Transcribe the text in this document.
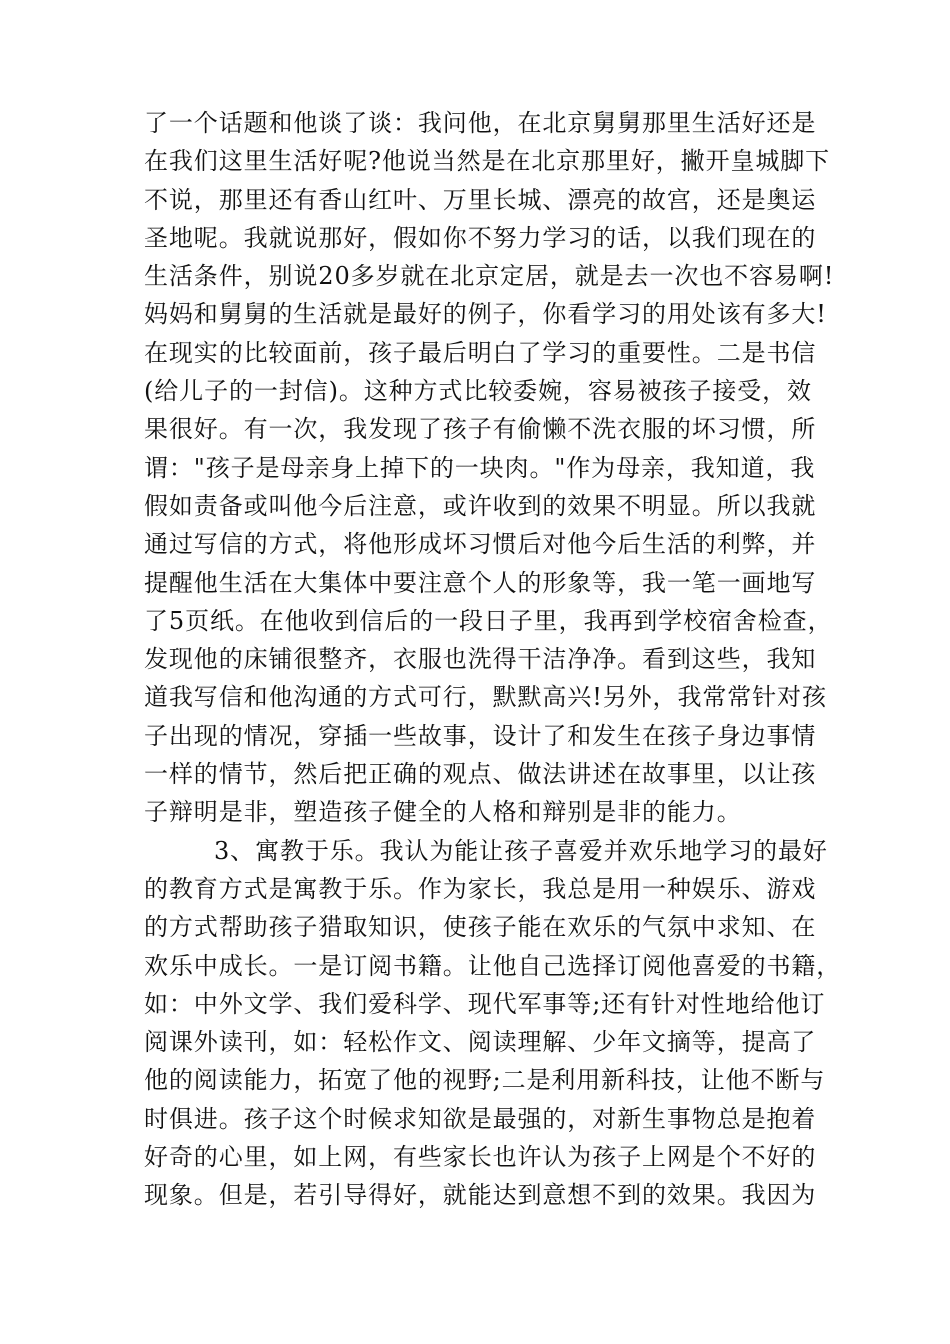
了一个话题和他谈了谈：我问他，在北京舅舅那里生活好还是
在我们这里生活好呢?他说当然是在北京那里好，撇开皇城脚下
不说，那里还有香山红叶、万里长城、漂亮的故宫，还是奥运
圣地呢。我就说那好，假如你不努力学习的话，以我们现在的
生活条件，别说20多岁就在北京定居，就是去一次也不容易啊!
妈妈和舅舅的生活就是最好的例子，你看学习的用处该有多大!
在现实的比较面前，孩子最后明白了学习的重要性。二是书信
(给儿子的一封信)。这种方式比较委婉，容易被孩子接受，效
果很好。有一次，我发现了孩子有偷懒不洗衣服的坏习惯，所
谓："孩子是母亲身上掉下的一块肉。"作为母亲，我知道，我
假如责备或叫他今后注意，或许收到的效果不明显。所以我就
通过写信的方式，将他形成坏习惯后对他今后生活的利弊，并
提醒他生活在大集体中要注意个人的形象等，我一笔一画地写
了5页纸。在他收到信后的一段日子里，我再到学校宿舍检查，
发现他的床铺很整齐，衣服也洗得干洁净净。看到这些，我知
道我写信和他沟通的方式可行，默默高兴!另外，我常常针对孩
子出现的情况，穿插一些故事，设计了和发生在孩子身边事情
一样的情节，然后把正确的观点、做法讲述在故事里，以让孩
子辩明是非，塑造孩子健全的人格和辩别是非的能力。
3、寓教于乐。我认为能让孩子喜爱并欢乐地学习的最好
的教育方式是寓教于乐。作为家长，我总是用一种娱乐、游戏
的方式帮助孩子猎取知识，使孩子能在欢乐的气氛中求知、在
欢乐中成长。一是订阅书籍。让他自己选择订阅他喜爱的书籍，
如：中外文学、我们爱科学、现代军事等;还有针对性地给他订
阅课外读刊，如：轻松作文、阅读理解、少年文摘等，提高了
他的阅读能力，拓宽了他的视野;二是利用新科技，让他不断与
时俱进。孩子这个时候求知欲是最强的，对新生事物总是抱着
好奇的心里，如上网，有些家长也许认为孩子上网是个不好的
现象。但是，若引导得好，就能达到意想不到的效果。我因为
